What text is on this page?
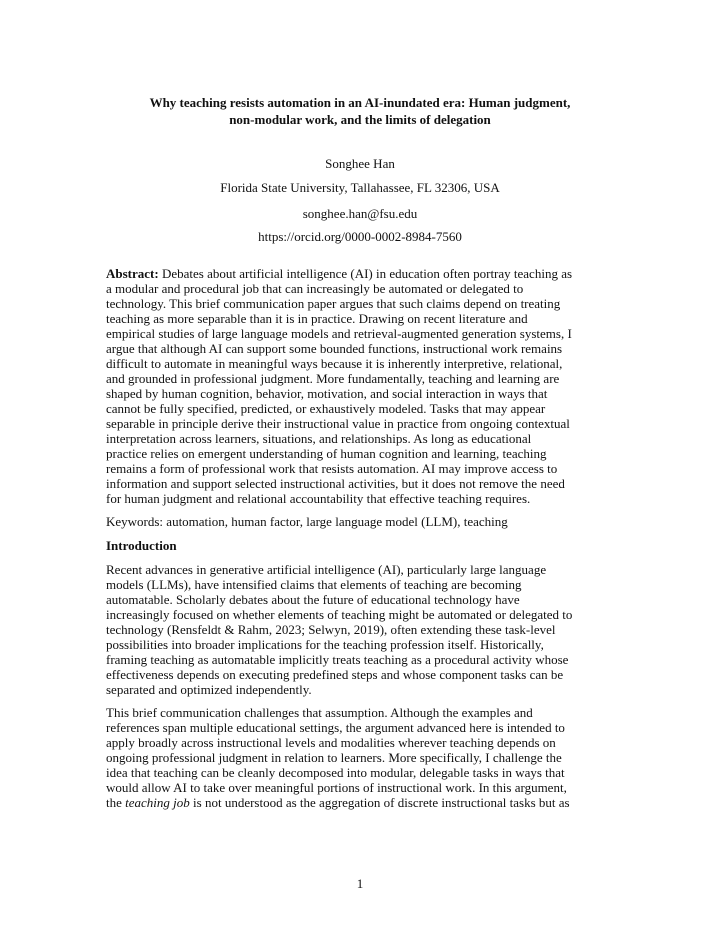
Why teaching resists automation in an AI-inundated era: Human judgment,
non-modular work, and the limits of delegation
Songhee Han
Florida State University, Tallahassee, FL 32306, USA
songhee.han@fsu.edu
https://orcid.org/0000-0002-8984-7560
Abstract: Debates about artificial intelligence (AI) in education often portray teaching as
a modular and procedural job that can increasingly be automated or delegated to
technology. This brief communication paper argues that such claims depend on treating
teaching as more separable than it is in practice. Drawing on recent literature and
empirical studies of large language models and retrieval-augmented generation systems, I
argue that although AI can support some bounded functions, instructional work remains
difficult to automate in meaningful ways because it is inherently interpretive, relational,
and grounded in professional judgment. More fundamentally, teaching and learning are
shaped by human cognition, behavior, motivation, and social interaction in ways that
cannot be fully specified, predicted, or exhaustively modeled. Tasks that may appear
separable in principle derive their instructional value in practice from ongoing contextual
interpretation across learners, situations, and relationships. As long as educational
practice relies on emergent understanding of human cognition and learning, teaching
remains a form of professional work that resists automation. AI may improve access to
information and support selected instructional activities, but it does not remove the need
for human judgment and relational accountability that effective teaching requires.
Keywords: automation, human factor, large language model (LLM), teaching
Introduction
Recent advances in generative artificial intelligence (AI), particularly large language
models (LLMs), have intensified claims that elements of teaching are becoming
automatable. Scholarly debates about the future of educational technology have
increasingly focused on whether elements of teaching might be automated or delegated to
technology (Rensfeldt & Rahm, 2023; Selwyn, 2019), often extending these task-level
possibilities into broader implications for the teaching profession itself. Historically,
framing teaching as automatable implicitly treats teaching as a procedural activity whose
effectiveness depends on executing predefined steps and whose component tasks can be
separated and optimized independently.
This brief communication challenges that assumption. Although the examples and
references span multiple educational settings, the argument advanced here is intended to
apply broadly across instructional levels and modalities wherever teaching depends on
ongoing professional judgment in relation to learners. More specifically, I challenge the
idea that teaching can be cleanly decomposed into modular, delegable tasks in ways that
would allow AI to take over meaningful portions of instructional work. In this argument,
the teaching job is not understood as the aggregation of discrete instructional tasks but as
1
